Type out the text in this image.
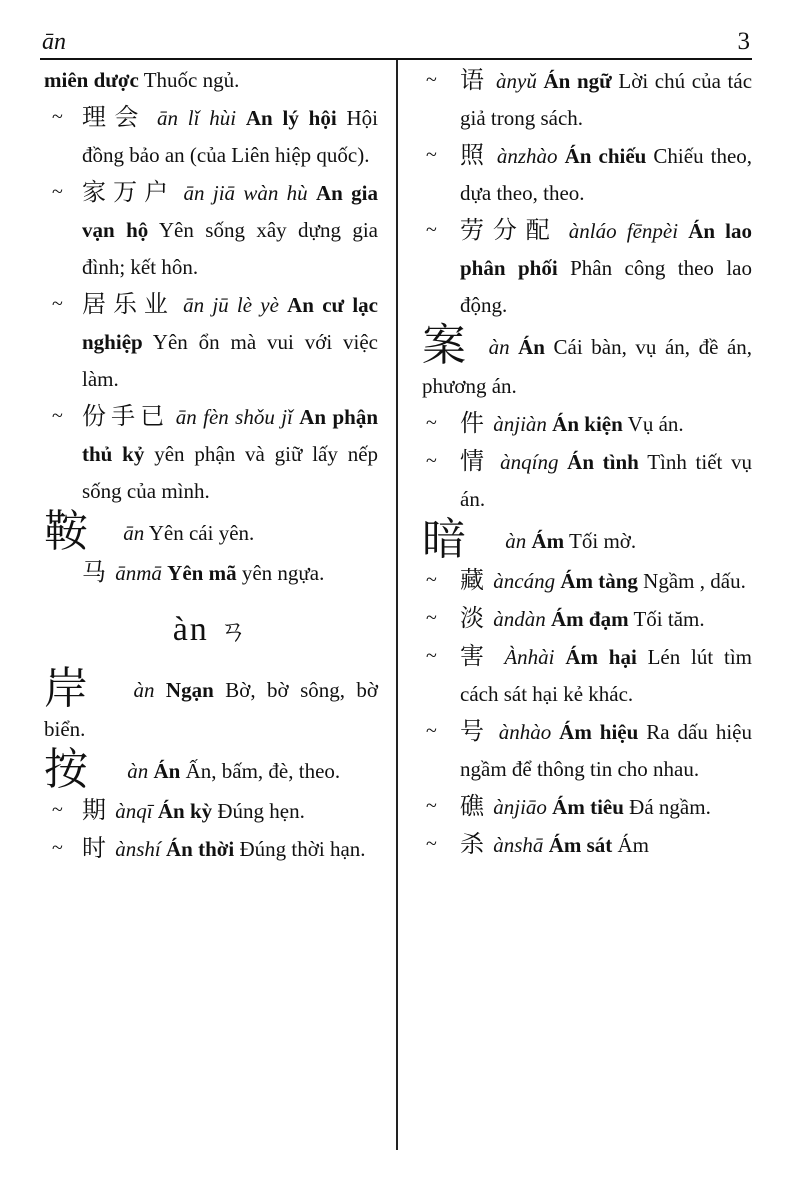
ān	3
miên dược Thuốc ngủ.
~ 理会 ān lǐ hùi An lý hội Hội đồng bảo an (của Liên hiệp quốc).
~ 家万户 ān jiā wàn hù An gia vạn hộ Yên sống xây dựng gia đình; kết hôn.
~ 居乐业 ān jū lè yè An cư lạc nghiệp Yên ổn mà vui với việc làm.
~ 份手已 ān fèn shǒu jǐ An phận thủ kỷ yên phận và giữ lấy nếp sống của mình.
鞍 ān Yên cái yên.
马 ānmā Yên mã yên ngựa.
àn ㄢ
岸 àn Ngạn Bờ, bờ sông, bờ biển.
按 àn Án Ấn, bấm, đè, theo.
~ 期 ànqī Án kỳ Đúng hẹn.
~ 时 ànshí Án thời Đúng thời hạn.
~ 语 ànyǔ Án ngữ Lời chú của tác giả trong sách.
~ 照 ànzhào Án chiếu Chiếu theo, dựa theo, theo.
~ 劳分配 ànláo fēnpèi Án lao phân phối Phân công theo lao động.
案 àn Án Cái bàn, vụ án, đề án, phương án.
~ 件 ànjiàn Án kiện Vụ án.
~ 情 ànqíng Án tình Tình tiết vụ án.
暗 àn Ám Tối mờ.
~ 藏 àncáng Ám tàng Ngầm , dấu.
~ 淡 àndàn Ám đạm Tối tăm.
~ 害 Ànhài Ám hại Lén lút tìm cách sát hại kẻ khác.
~ 号 ànhào Ám hiệu Ra dấu hiệu ngầm để thông tin cho nhau.
~ 礁 ànjiāo Ám tiêu Đá ngầm.
~ 杀 ànshā Ám sát Ám
